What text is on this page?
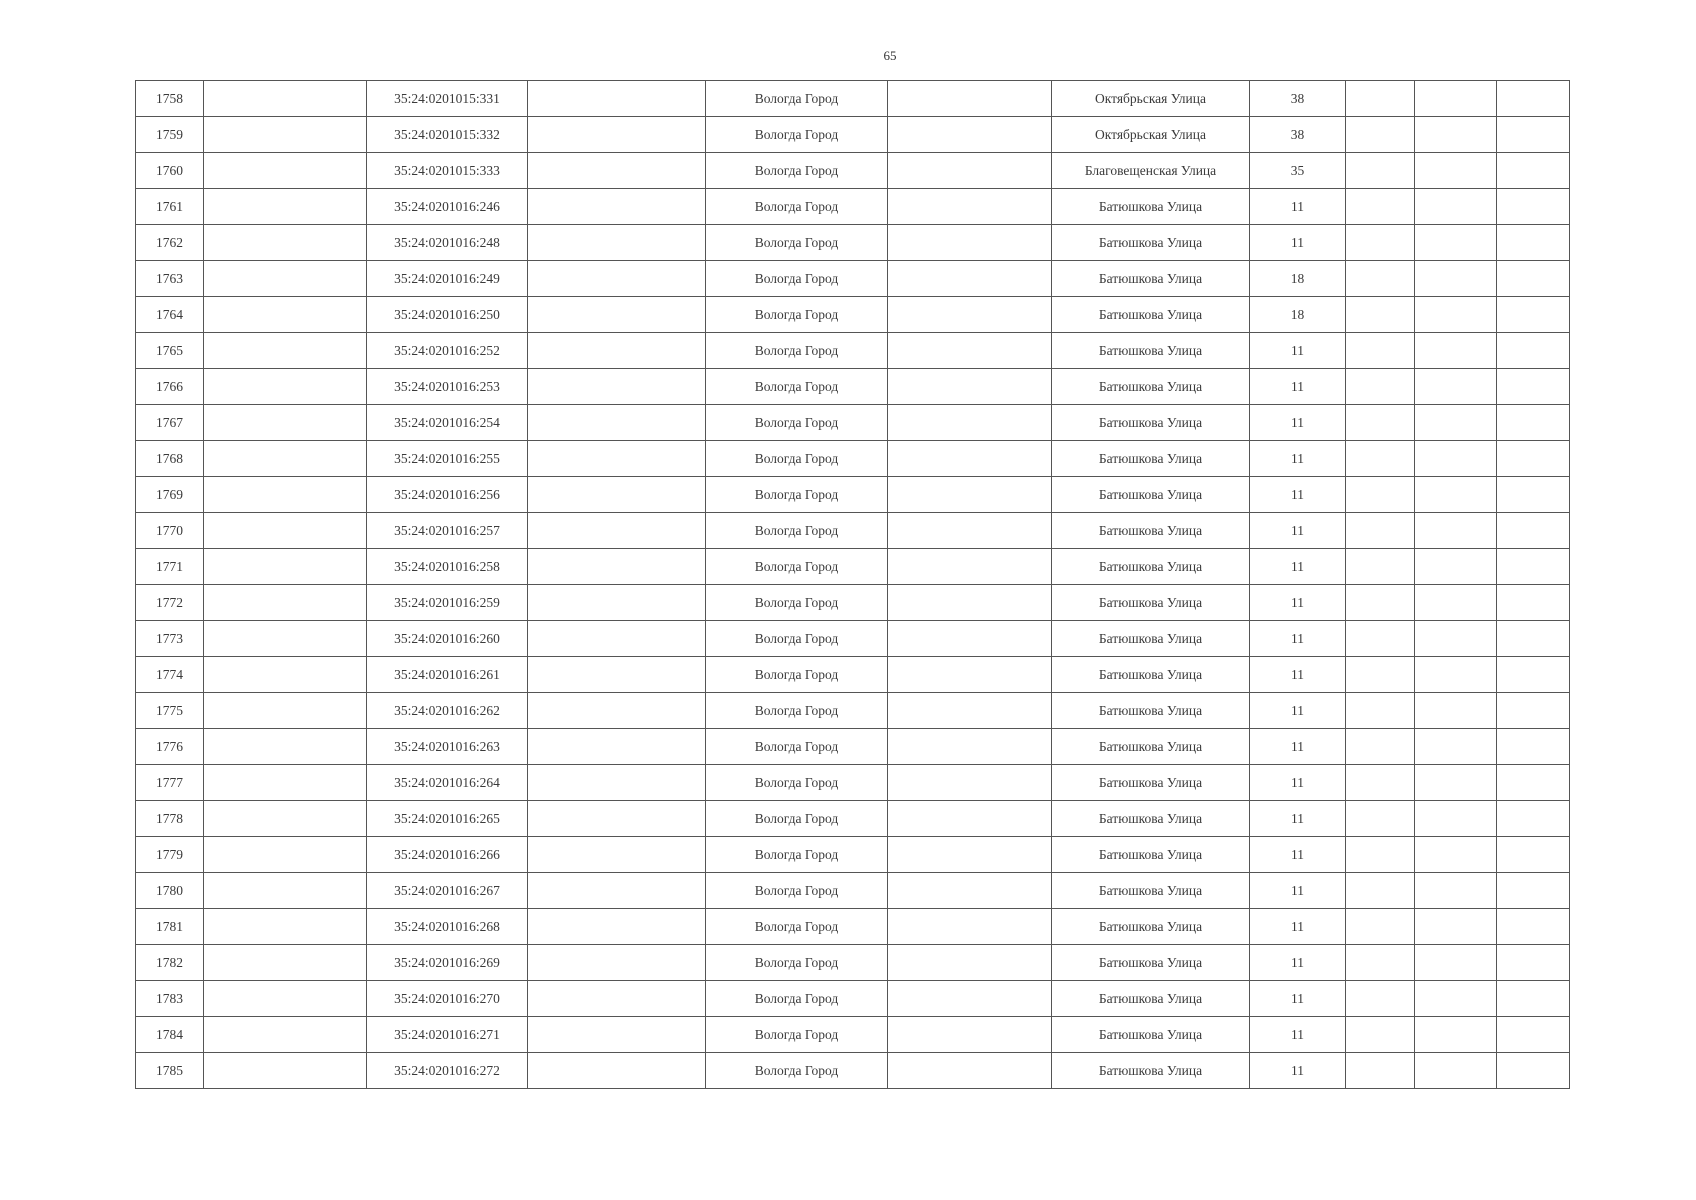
65
1758		35:24:0201015:331		Вологда Город		Октябрьская Улица	38			
1759		35:24:0201015:332		Вологда Город		Октябрьская Улица	38			
1760		35:24:0201015:333		Вологда Город		Благовещенская Улица	35			
1761		35:24:0201016:246		Вологда Город		Батюшкова Улица	11			
1762		35:24:0201016:248		Вологда Город		Батюшкова Улица	11			
1763		35:24:0201016:249		Вологда Город		Батюшкова Улица	18			
1764		35:24:0201016:250		Вологда Город		Батюшкова Улица	18			
1765		35:24:0201016:252		Вологда Город		Батюшкова Улица	11			
1766		35:24:0201016:253		Вологда Город		Батюшкова Улица	11			
1767		35:24:0201016:254		Вологда Город		Батюшкова Улица	11			
1768		35:24:0201016:255		Вологда Город		Батюшкова Улица	11			
1769		35:24:0201016:256		Вологда Город		Батюшкова Улица	11			
1770		35:24:0201016:257		Вологда Город		Батюшкова Улица	11			
1771		35:24:0201016:258		Вологда Город		Батюшкова Улица	11			
1772		35:24:0201016:259		Вологда Город		Батюшкова Улица	11			
1773		35:24:0201016:260		Вологда Город		Батюшкова Улица	11			
1774		35:24:0201016:261		Вологда Город		Батюшкова Улица	11			
1775		35:24:0201016:262		Вологда Город		Батюшкова Улица	11			
1776		35:24:0201016:263		Вологда Город		Батюшкова Улица	11			
1777		35:24:0201016:264		Вологда Город		Батюшкова Улица	11			
1778		35:24:0201016:265		Вологда Город		Батюшкова Улица	11			
1779		35:24:0201016:266		Вологда Город		Батюшкова Улица	11			
1780		35:24:0201016:267		Вологда Город		Батюшкова Улица	11			
1781		35:24:0201016:268		Вологда Город		Батюшкова Улица	11			
1782		35:24:0201016:269		Вологда Город		Батюшкова Улица	11			
1783		35:24:0201016:270		Вологда Город		Батюшкова Улица	11			
1784		35:24:0201016:271		Вологда Город		Батюшкова Улица	11			
1785		35:24:0201016:272		Вологда Город		Батюшкова Улица	11			
